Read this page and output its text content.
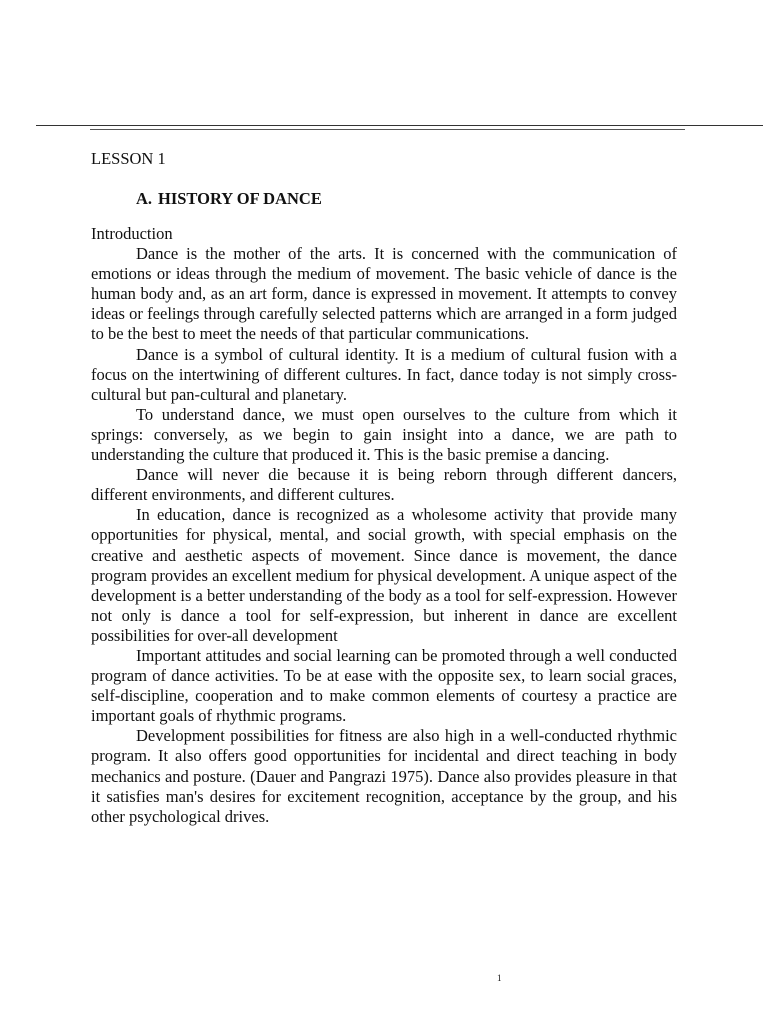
LESSON 1

A. HISTORY OF DANCE

Introduction

Dance is the mother of the arts. It is concerned with the communication of emotions or ideas through the medium of movement. The basic vehicle of dance is the human body and, as an art form, dance is expressed in movement. It attempts to convey ideas or feelings through carefully selected patterns which are arranged in a form judged to be the best to meet the needs of that particular communications.

Dance is a symbol of cultural identity. It is a medium of cultural fusion with a focus on the intertwining of different cultures. In fact, dance today is not simply cross-cultural but pan-cultural and planetary.

To understand dance, we must open ourselves to the culture from which it springs: conversely, as we begin to gain insight into a dance, we are path to understanding the culture that produced it. This is the basic premise a dancing.

Dance will never die because it is being reborn through different dancers, different environments, and different cultures.

In education, dance is recognized as a wholesome activity that provide many opportunities for physical, mental, and social growth, with special emphasis on the creative and aesthetic aspects of movement. Since dance is movement, the dance program provides an excellent medium for physical development. A unique aspect of the development is a better understanding of the body as a tool for self-expression. However not only is dance a tool for self-expression, but inherent in dance are excellent possibilities for over-all development

Important attitudes and social learning can be promoted through a well conducted program of dance activities. To be at ease with the opposite sex, to learn social graces, self-discipline, cooperation and to make common elements of courtesy a practice are important goals of rhythmic programs.

Development possibilities for fitness are also high in a well-conducted rhythmic program. It also offers good opportunities for incidental and direct teaching in body mechanics and posture. (Dauer and Pangrazi 1975). Dance also provides pleasure in that it satisfies man's desires for excitement recognition, acceptance by the group, and his other psychological drives.

1
